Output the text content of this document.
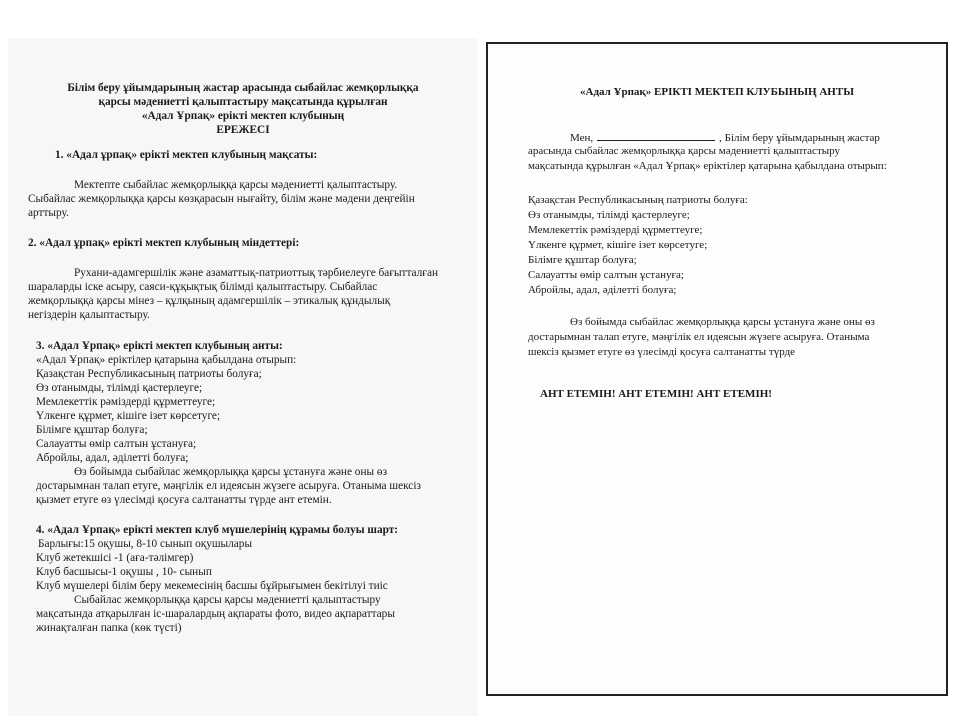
Білім беру ұйымдарының жастар арасында сыбайлас жемқорлыққа
қарсы мәдениетті қалыптастыру мақсатында құрылған
«Адал Ұрпақ» ерікті мектеп клубының
ЕРЕЖЕСІ
1. «Адал ұрпақ» ерікті мектеп клубының мақсаты:
Мектепте сыбайлас жемқорлыққа қарсы мәдениетті қалыптастыру.
Сыбайлас жемқорлыққа қарсы көзқарасын нығайту, білім және мәдени деңгейін
арттыру.
2. «Адал ұрпақ» ерікті мектеп клубының міндеттері:
Рухани-адамгершілік және азаматтық-патриоттық тәрбиелеуге бағытталған
шараларды іске асыру, саяси-құқықтық білімді қалыптастыру. Сыбайлас
жемқорлыққа қарсы мінез – құлқының адамгершілік – этикалық құндылық
негіздерін қалыптастыру.
3. «Адал Ұрпақ» ерікті мектеп клубының анты:
«Адал Ұрпақ» еріктілер қатарына қабылдана отырып:
Қазақстан Республикасының патриоты болуға;
Өз отанымды, тілімді қастерлеуге;
Мемлекеттік рәміздерді құрметтеуге;
Үлкенге құрмет, кішіге ізет көрсетуге;
Білімге құштар болуға;
Салауатты өмір салтын ұстануға;
Абройлы, адал, әділетті болуға;
Өз бойымда сыбайлас жемқорлыққа қарсы ұстануға және оны өз
достарымнан талап етуге, мәңгілік ел идеясын жүзеге асыруға. Отаныма шексіз
қызмет етуге өз үлесімді қосуға салтанатты түрде ант етемін.
4. «Адал Ұрпақ» ерікті мектеп клуб мүшелерінің құрамы болуы шарт:
Барлығы:15 оқушы, 8-10 сынып оқушылары
Клуб жетекшісі -1 (аға-тәлімгер)
Клуб басшысы-1 оқушы , 10- сынып
Клуб мүшелері білім беру мекемесінің басшы бұйрығымен бекітілуі тиіс
Сыбайлас жемқорлыққа қарсы қарсы мәдениетті қалыптастыру
мақсатында атқарылған іс-шаралардың ақпараты фото, видео ақпараттары
жинақталған папка (көк түсті)
«Адал Ұрпақ» ЕРІКТІ МЕКТЕП КЛУБЫНЫҢ АНТЫ
Мен,	, Білім беру ұйымдарының жастар
арасында сыбайлас жемқорлыққа қарсы мәдениетті қалыптастыру
мақсатында құрылған «Адал Ұрпақ» еріктілер қатарына қабылдана отырып:
Қазақстан Республикасының патриоты болуға:
Өз отанымды, тілімді қастерлеуге;
Мемлекеттік рәміздерді құрметтеуге;
Үлкенге құрмет, кішіге ізет көрсетуге;
Білімге құштар болуға;
Салауатты өмір салтын ұстануға;
Абройлы, адал, әділетті болуға;
Өз бойымда сыбайлас жемқорлыққа қарсы ұстануға және оны өз
достарымнан талап етуге, мәңгілік ел идеясын жүзеге асыруға. Отаныма
шексіз қызмет етуге өз үлесімді қосуға салтанатты түрде
АНТ ЕТЕМІН! АНТ ЕТЕМІН! АНТ ЕТЕМІН!
